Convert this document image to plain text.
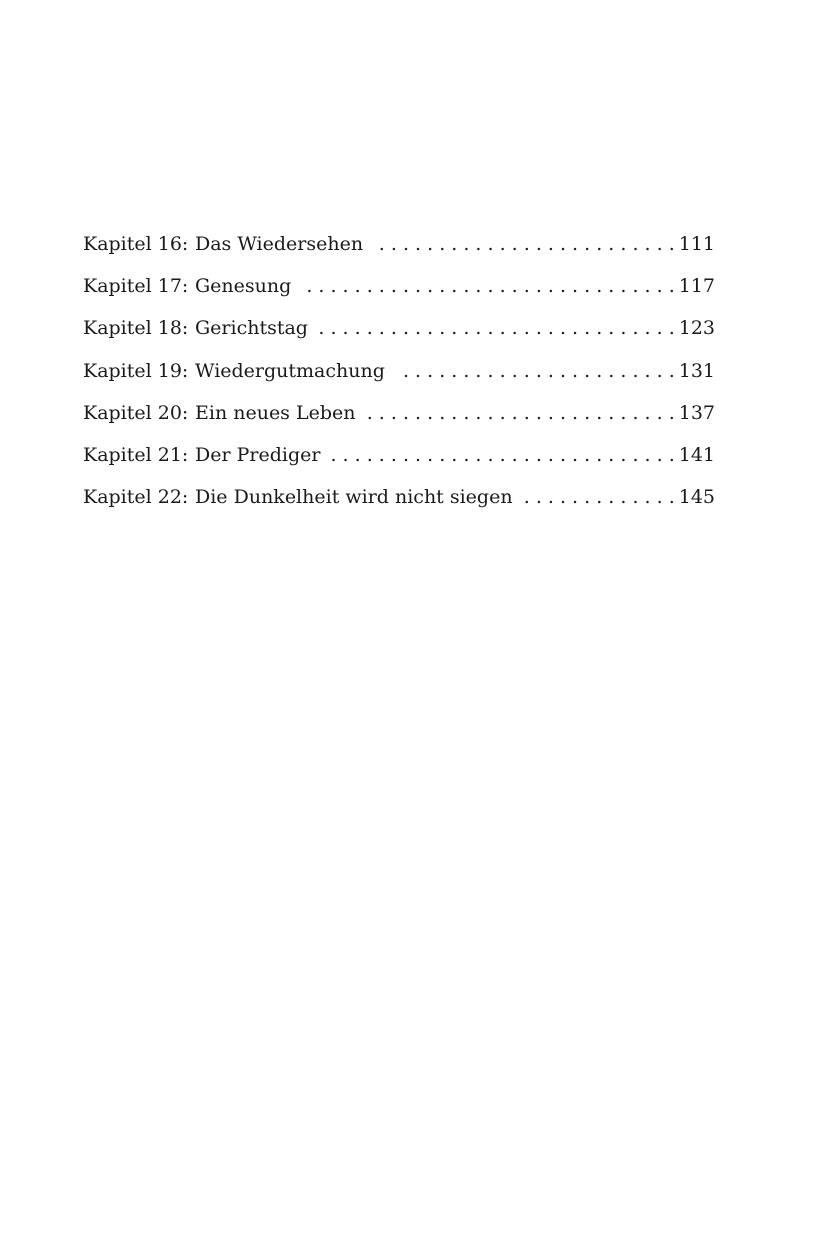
Kapitel 16: Das Wiedersehen . . .	111
Kapitel 17: Genesung . . .	117
Kapitel 18: Gerichtstag . . .	123
Kapitel 19: Wiedergutmachung . . .	131
Kapitel 20: Ein neues Leben . . .	137
Kapitel 21: Der Prediger . . .	141
Kapitel 22: Die Dunkelheit wird nicht siegen . . .	145
